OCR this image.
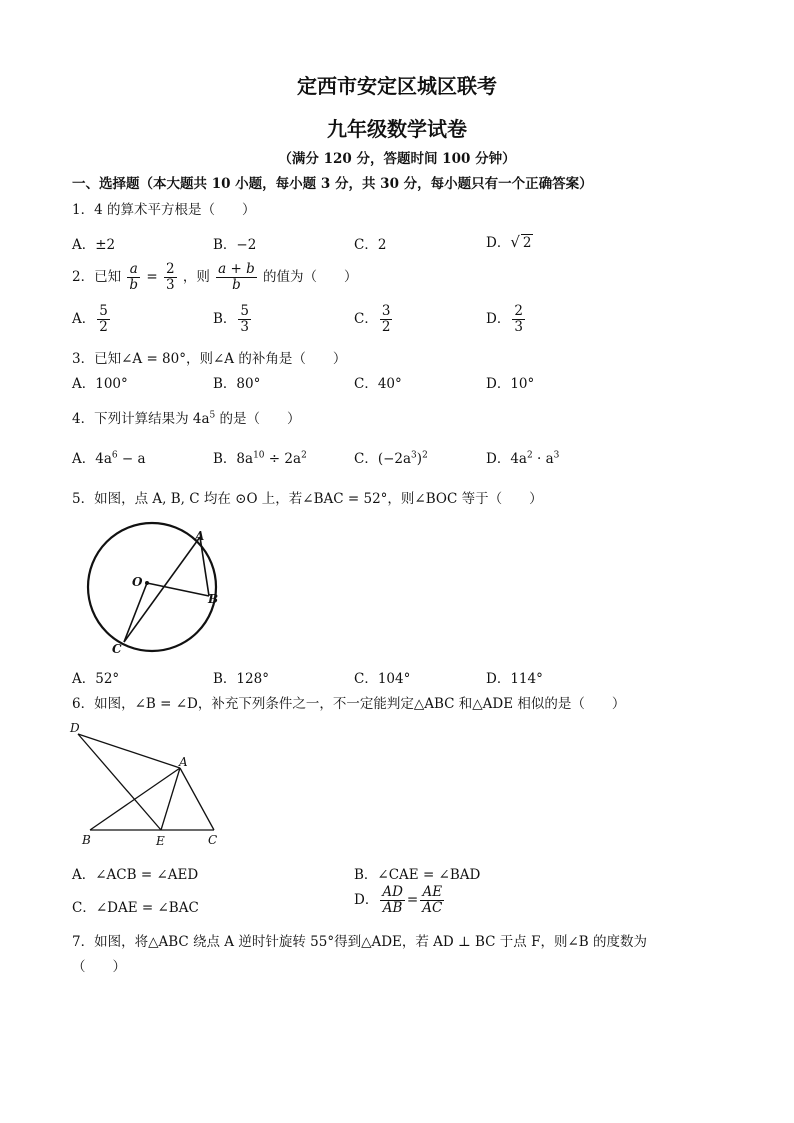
定西市安定区城区联考
九年级数学试卷
（满分 120 分，答题时间 100 分钟）
一、选择题（本大题共 10 小题，每小题 3 分，共 30 分，每小题只有一个正确答案）
1．4 的算术平方根是（　　）
A．±2	B．−2	C．2	D．√ 2
2．已知 $\frac{a}{b} = \frac{2}{3}$ ，则 $\frac{a + b}{b}$ 的值为（　　）
A． $\frac{5}{2}$	B． $\frac{5}{3}$	C． $\frac{3}{2}$	D． $\frac{2}{3}$
3．已知∠A = 80°，则∠A 的补角是（　　）
A．100°	B．80°	C．40°	D．10°
4．下列计算结果为 $4a^5$ 的是（　　）
A．$4a^6 - a$	B．$8a^{10} \div 2a^2$	C．$(-2a^3)^2$	D．$4a^2 \cdot a^3$
5．如图，点 A, B, C 均在 ⊙O 上，若∠BAC = 52°，则∠BOC 等于（　　）
A
O
B
C
A．52°	B．128°	C．104°	D．114°
6．如图，∠B = ∠D，补充下列条件之一，不一定能判定△ABC 和△ADE 相似的是（　　）
D
A
B	E	C
A．∠ACB = ∠AED	B．∠CAE = ∠BAD
C．∠DAE = ∠BAC
D． $\frac{AD}{AB} = \frac{AE}{AC}$
7．如图，将△ABC 绕点 A 逆时针旋转 55°得到△ADE，若 AD ⊥ BC 于点 F，则∠B 的度数为
（　　）
